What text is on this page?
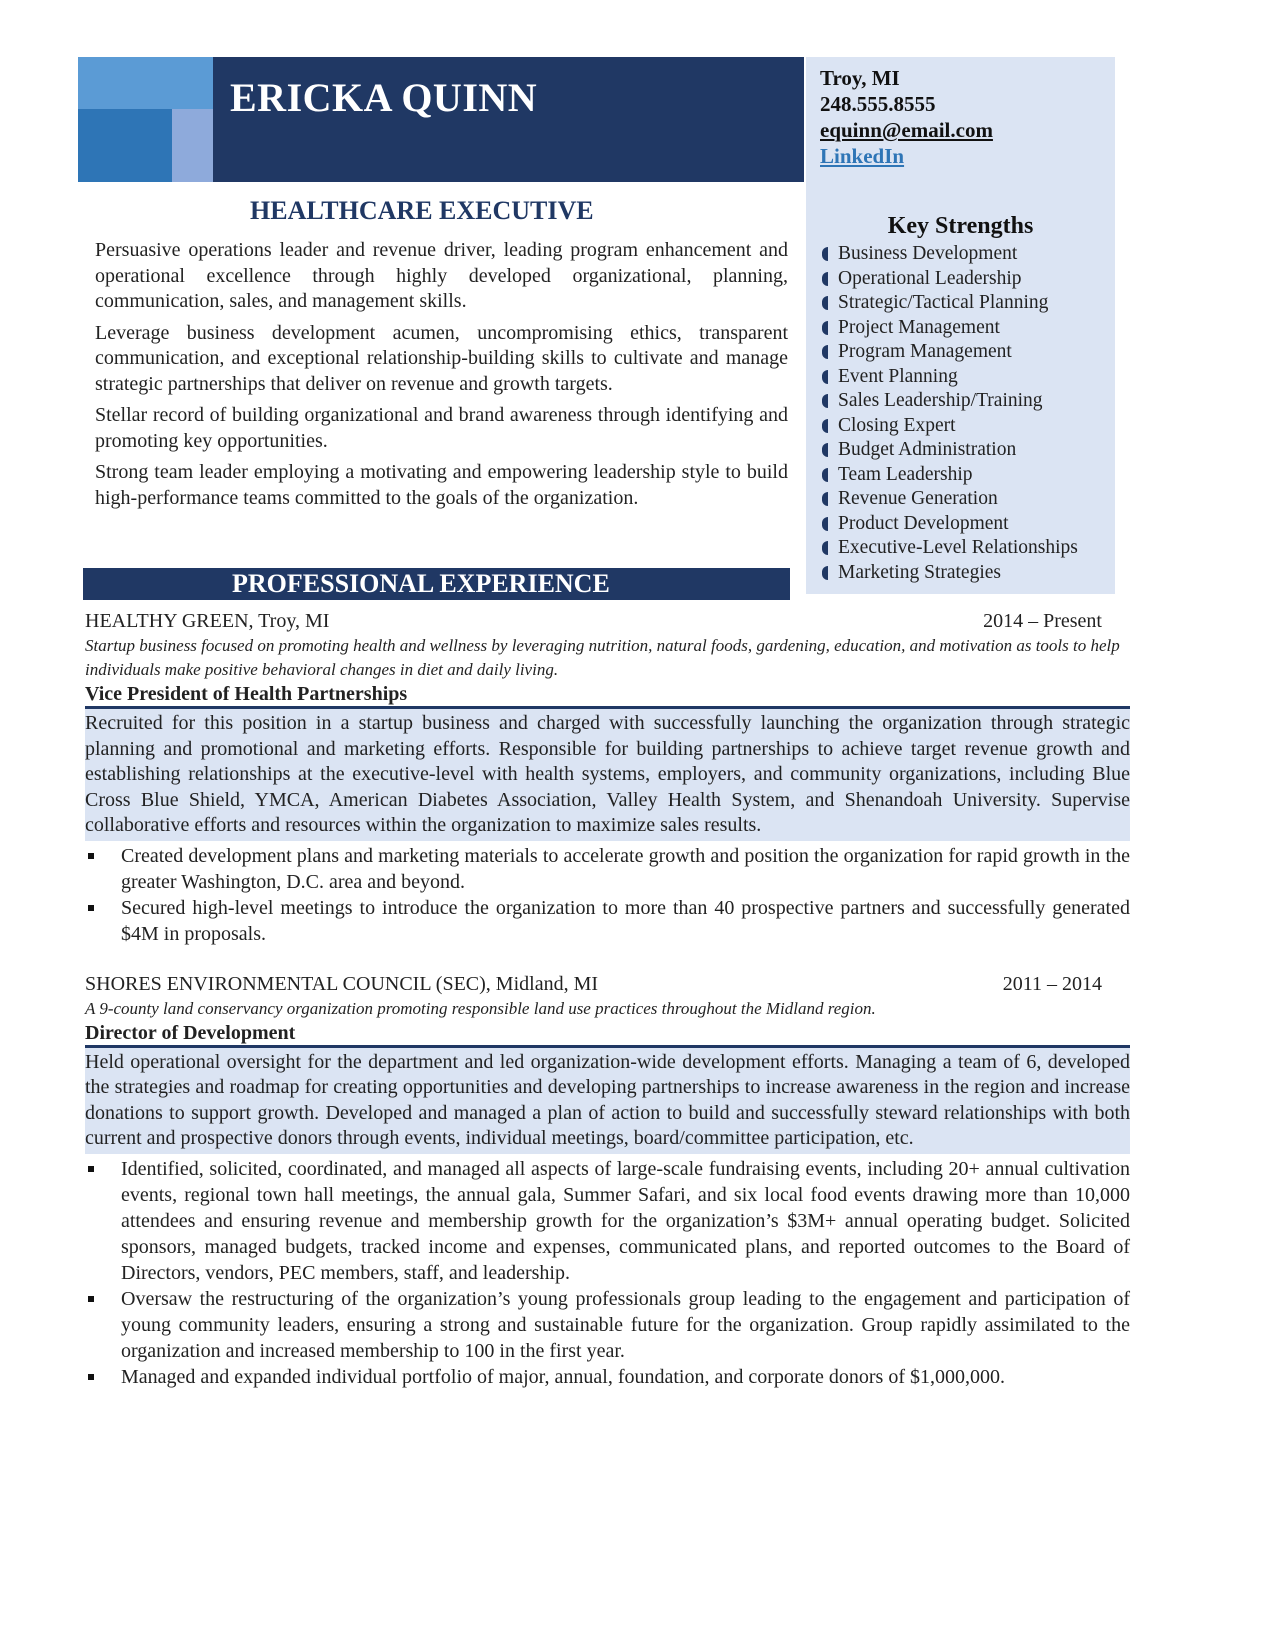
ERICKA QUINN	Troy, MI
248.555.8555
equinn@email.com
LinkedIn
Key Strengths
Business Development
Operational Leadership
Strategic/Tactical Planning
Project Management
Program Management
Event Planning
Sales Leadership/Training
Closing Expert
Budget Administration
Team Leadership
Revenue Generation
Product Development
Executive-Level Relationships
Marketing Strategies
HEALTHCARE EXECUTIVE

Persuasive operations leader and revenue driver, leading program enhancement and operational excellence through highly developed organizational, planning, communication, sales, and management skills.

Leverage business development acumen, uncompromising ethics, transparent communication, and exceptional relationship-building skills to cultivate and manage strategic partnerships that deliver on revenue and growth targets.

Stellar record of building organizational and brand awareness through identifying and promoting key opportunities.

Strong team leader employing a motivating and empowering leadership style to build high-performance teams committed to the goals of the organization.

PROFESSIONAL EXPERIENCE
HEALTHY GREEN, Troy, MI	2014 – Present
Startup business focused on promoting health and wellness by leveraging nutrition, natural foods, gardening, education, and motivation as tools to help individuals make positive behavioral changes in diet and daily living.
Vice President of Health Partnerships
Recruited for this position in a startup business and charged with successfully launching the organization through strategic planning and promotional and marketing efforts. Responsible for building partnerships to achieve target revenue growth and establishing relationships at the executive-level with health systems, employers, and community organizations, including Blue Cross Blue Shield, YMCA, American Diabetes Association, Valley Health System, and Shenandoah University. Supervise collaborative efforts and resources within the organization to maximize sales results.
Created development plans and marketing materials to accelerate growth and position the organization for rapid growth in the greater Washington, D.C. area and beyond.
Secured high-level meetings to introduce the organization to more than 40 prospective partners and successfully generated $4M in proposals.
SHORES ENVIRONMENTAL COUNCIL (SEC), Midland, MI	2011 – 2014
A 9-county land conservancy organization promoting responsible land use practices throughout the Midland region.
Director of Development
Held operational oversight for the department and led organization-wide development efforts. Managing a team of 6, developed the strategies and roadmap for creating opportunities and developing partnerships to increase awareness in the region and increase donations to support growth. Developed and managed a plan of action to build and successfully steward relationships with both current and prospective donors through events, individual meetings, board/committee participation, etc.
Identified, solicited, coordinated, and managed all aspects of large-scale fundraising events, including 20+ annual cultivation events, regional town hall meetings, the annual gala, Summer Safari, and six local food events drawing more than 10,000 attendees and ensuring revenue and membership growth for the organization’s $3M+ annual operating budget. Solicited sponsors, managed budgets, tracked income and expenses, communicated plans, and reported outcomes to the Board of Directors, vendors, PEC members, staff, and leadership.
Oversaw the restructuring of the organization’s young professionals group leading to the engagement and participation of young community leaders, ensuring a strong and sustainable future for the organization. Group rapidly assimilated to the organization and increased membership to 100 in the first year.
Managed and expanded individual portfolio of major, annual, foundation, and corporate donors of $1,000,000.
